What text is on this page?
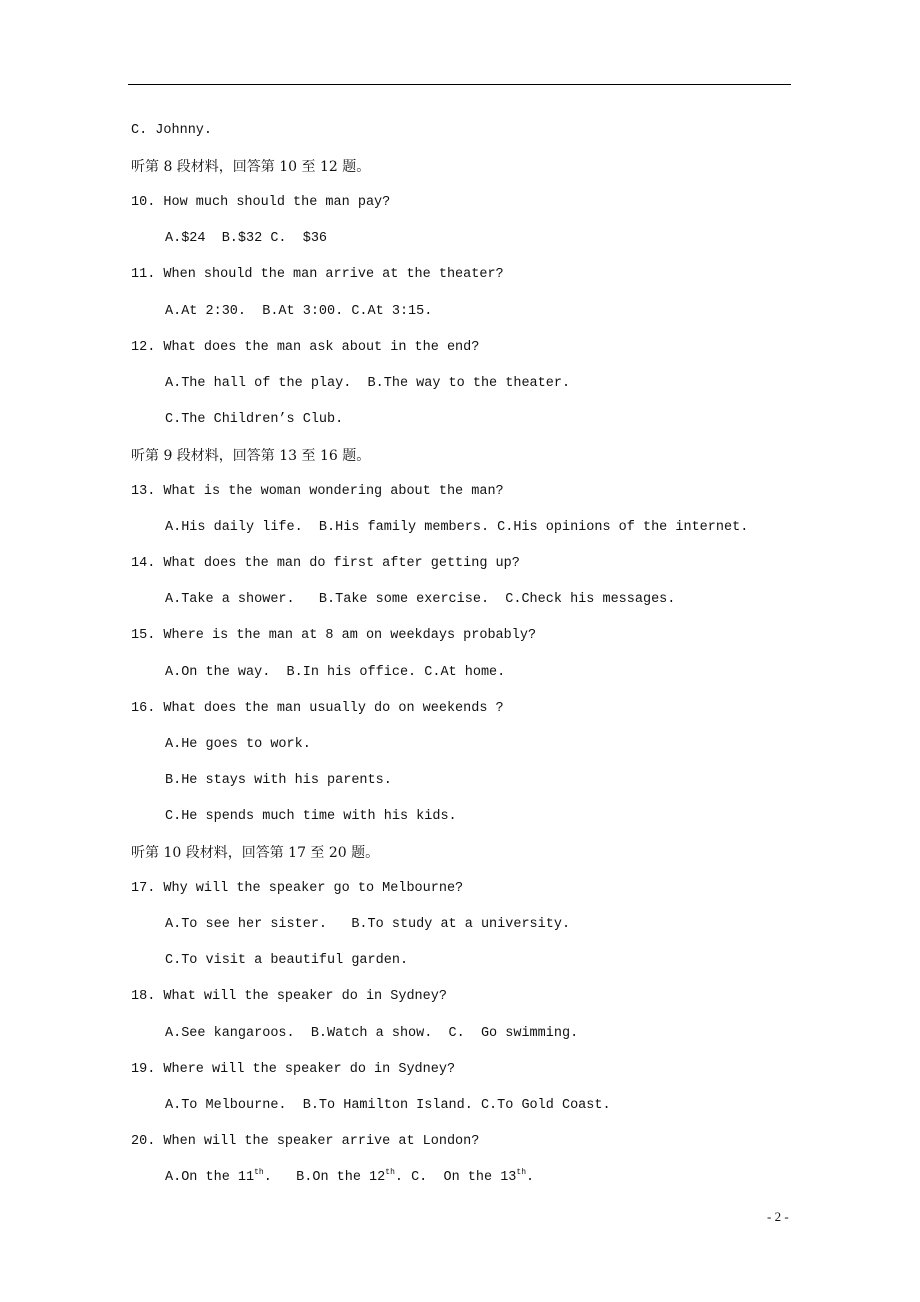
C. Johnny.
听第 8 段材料，回答第 10 至 12 题。
10. How much should the man pay?
A.$24  B.$32 C.  $36
11. When should the man arrive at the theater?
A.At 2:30.  B.At 3:00. C.At 3:15.
12. What does the man ask about in the end?
A.The hall of the play.  B.The way to the theater.
C.The Children’s Club.
听第 9 段材料，回答第 13 至 16 题。
13. What is the woman wondering about the man?
A.His daily life.  B.His family members. C.His opinions of the internet.
14. What does the man do first after getting up?
A.Take a shower.   B.Take some exercise.  C.Check his messages.
15. Where is the man at 8 am on weekdays probably?
A.On the way.  B.In his office. C.At home.
16. What does the man usually do on weekends ?
A.He goes to work.
B.He stays with his parents.
C.He spends much time with his kids.
听第 10 段材料，回答第 17 至 20 题。
17. Why will the speaker go to Melbourne?
A.To see her sister.   B.To study at a university.
C.To visit a beautiful garden.
18. What will the speaker do in Sydney?
A.See kangaroos.  B.Watch a show.  C.  Go swimming.
19. Where will the speaker do in Sydney?
A.To Melbourne.  B.To Hamilton Island. C.To Gold Coast.
20. When will the speaker arrive at London?
A.On the 11th.   B.On the 12th. C.  On the 13th.
- 2 -
